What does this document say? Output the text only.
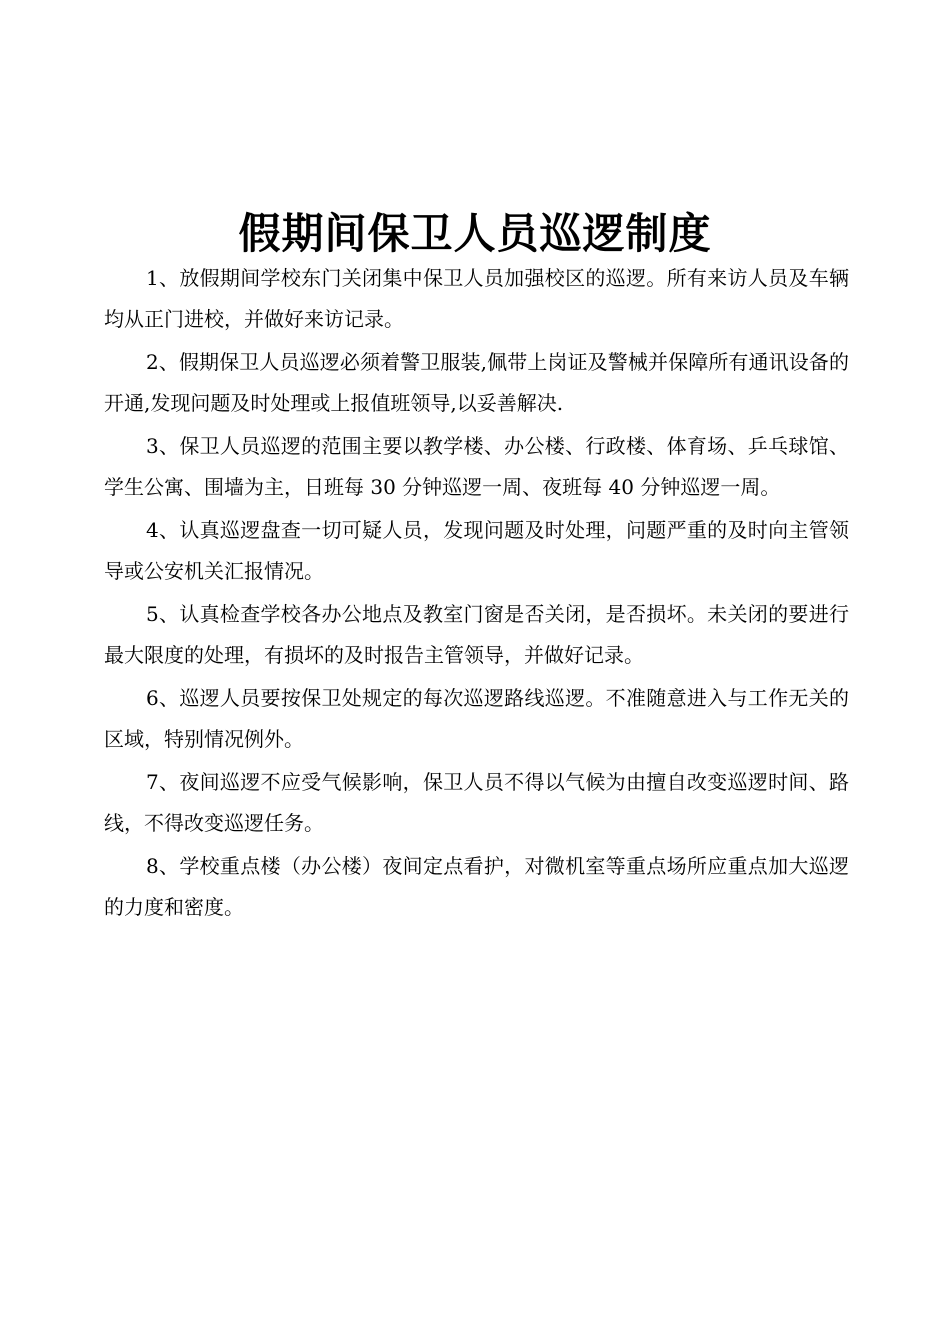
假期间保卫人员巡逻制度

1、放假期间学校东门关闭集中保卫人员加强校区的巡逻。所有来访人员及车辆均从正门进校，并做好来访记录。

2、假期保卫人员巡逻必须着警卫服装,佩带上岗证及警械并保障所有通讯设备的开通,发现问题及时处理或上报值班领导,以妥善解决.

3、保卫人员巡逻的范围主要以教学楼、办公楼、行政楼、体育场、乒乓球馆、学生公寓、围墙为主，日班每 30 分钟巡逻一周、夜班每 40 分钟巡逻一周。

4、认真巡逻盘查一切可疑人员，发现问题及时处理，问题严重的及时向主管领导或公安机关汇报情况。

5、认真检查学校各办公地点及教室门窗是否关闭，是否损坏。未关闭的要进行最大限度的处理，有损坏的及时报告主管领导，并做好记录。

6、巡逻人员要按保卫处规定的每次巡逻路线巡逻。不准随意进入与工作无关的区域，特别情况例外。

7、夜间巡逻不应受气候影响，保卫人员不得以气候为由擅自改变巡逻时间、路线，不得改变巡逻任务。

8、学校重点楼（办公楼）夜间定点看护，对微机室等重点场所应重点加大巡逻的力度和密度。
